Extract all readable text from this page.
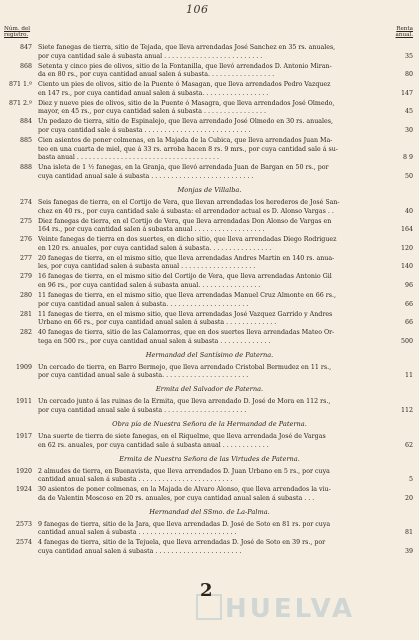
106
Núm. del
registro.
Renta
anual.
847 Siete fanegas de tierra, sitio de Tejada, que lleva arrendadas José Sanchez en 35 rs. anuales,
por cuya cantidad sale á subasta anual . . . . . . . . . . . . . . . . . . . . . . . . .	35
868 Setenta y cinco pies de olivos, sitio de la Fontanilla, que llevó arrendados D. Antonio Miran-
da en 80 rs., por cuya cantidad anual salen á subasta. . . . . . . . . . . . . . . . .	80
871 1.º Ciento un pies de olivos, sitio de la Puente ó Masagan, que lleva arrendados Pedro Vazquez
en 147 rs., por cuya cantidad anual salen á subasta. . . . . . . . . . . . . . . . .	147
871 2.º Diez y nueve pies de olivos, sitio de la Puente ó Masagra, que lleva arrendados José Olmedo,
mayor, en 45 rs., por cuya cantidad salen á subasta . . . . . . . . . . . . . . . .	45
884 Un pedazo de tierra, sitio de Espinalejo, que lleva arrendado José Olmedo en 30 rs. anuales,
por cuya cantidad sale á subasta . . . . . . . . . . . . . . . . . . . . . . . . . . .	30
885 Cien asientos de poner colmenas, en la Majada de la Cubica, que lleva arrendados Juan Ma-
teo en una cuarta de miel, que á 33 rs. arroba hacen 8 rs. 9 mrs., por cuya cantidad sale á su-
basta anual . . . . . . . . . . . . . . . . . . . . . . . . . . . . . . . . . . . .	8 9
888 Una isleta de 1 ½ fanegas, en la Granja, que llevó arrendada Juan de Bargan en 50 rs., por
cuya cantidad anual sale á subasta . . . . . . . . . . . . . . . . . . . . . . . . . .	50
Monjas de Villalba.
274 Seis fanegas de tierra, en el Cortijo de Vera, que llevan arrendadas los herederos de José San-
chez en 40 rs., por cuya cantidad sale á subasta: el arrendador actual es D. Alonso Vargas . .	40
275 Diez fanegas de tierra, en el Cortijo de Vera, que lleva arrendadas Don Alonso de Vargas en
164 rs., por cuya cantidad salen á subasta anual . . . . . . . . . . . . . . . . . .	164
276 Veinte fanegas de tierra en dos suertes, en dicho sitio, que lleva arrendadas Diego Rodriguez
en 120 rs. anuales, por cuya cantidad salen á subasta. . . . . . . . . . . . . . . .	120
277 20 fanegas de tierra, en el mismo sitio, que lleva arrendadas Andres Martin en 140 rs. anua-
les, por cuya cantidad salen á subasta anual . . . . . . . . . . . . . . . . . . .	140
279 16 fanegas de tierra, en el mismo sitio del Cortijo de Vera, que lleva arrendadas Antonio Gil
en 96 rs., por cuya cantidad salen á subasta anual. . . . . . . . . . . . . . . .	96
280 11 fanegas de tierra, en el mismo sitio, que lleva arrendadas Manuel Cruz Almonte en 66 rs.,
por cuya cantidad anual salen á subasta. . . . . . . . . . . . . . . . . . . . .	66
281 11 fanegas de tierra, en el mismo sitio, que lleva arrendadas José Vazquez Garrido y Andres
Urbano en 66 rs., por cuya cantidad anual salen á subasta . . . . . . . . . . . . .	66
282 40 fanegas de tierra, sitio de las Calamorras, que en dos suertes lleva arrendadas Mateo Or-
tega en 500 rs., por cuya cantidad anual salen á subasta . . . . . . . . . . . . .	500
Hermandad del Santísimo de Paterna.
1909 Un cercado de tierra, en Barro Bermejo, que lleva arrendado Cristobal Bermudez en 11 rs.,
por cuya cantidad anual sale á subasta. . . . . . . . . . . . . . . . . . . . . .	11
Ermita del Salvador de Paterna.
1911 Un cercado junto á las ruinas de la Ermita, que lleva arrendado D. José de Mora en 112 rs.,
por cuya cantidad anual sale á subasta . . . . . . . . . . . . . . . . . . . . .	112
Obra pía de Nuestra Señora de la Hermandad de Paterna.
1917 Una suerte de tierra de siete fanegas, en el Riquelme, que lleva arrendada José de Vargas
en 62 rs. anuales, por cuya cantidad sale á subasta anual . . . . . . . . . . . .	62
Ermita de Nuestra Señora de las Virtudes de Paterna.
1920 2 almudes de tierra, en Buenavista, que lleva arrendados D. Juan Urbano en 5 rs., por cuya
cantidad anual salen á subasta . . . . . . . . . . . . . . . . . . . . . . . .	5
1924 30 asientos de poner colmenas, en la Majada de Alvaro Alonso, que lleva arrendados la viu-
da de Valentin Moscoso en 20 rs. anuales, por cuya cantidad anual salen á subasta . . .	20
Hermandad del SSmo. de La-Palma.
2573 9 fanegas de tierra, sitio de la Jara, que lleva arrendadas D. José de Soto en 81 rs. por cuya
cantidad anual salen á subasta . . . . . . . . . . . . . . . . . . . . . . . . .	81
2574 4 fanegas de tierra, sitio de la Tejuela, que lleva arrendadas D. José de Soto en 39 rs., por
cuya cantidad anual salen á subasta . . . . . . . . . . . . . . . . . . . . . .	39
HUELVA
2
